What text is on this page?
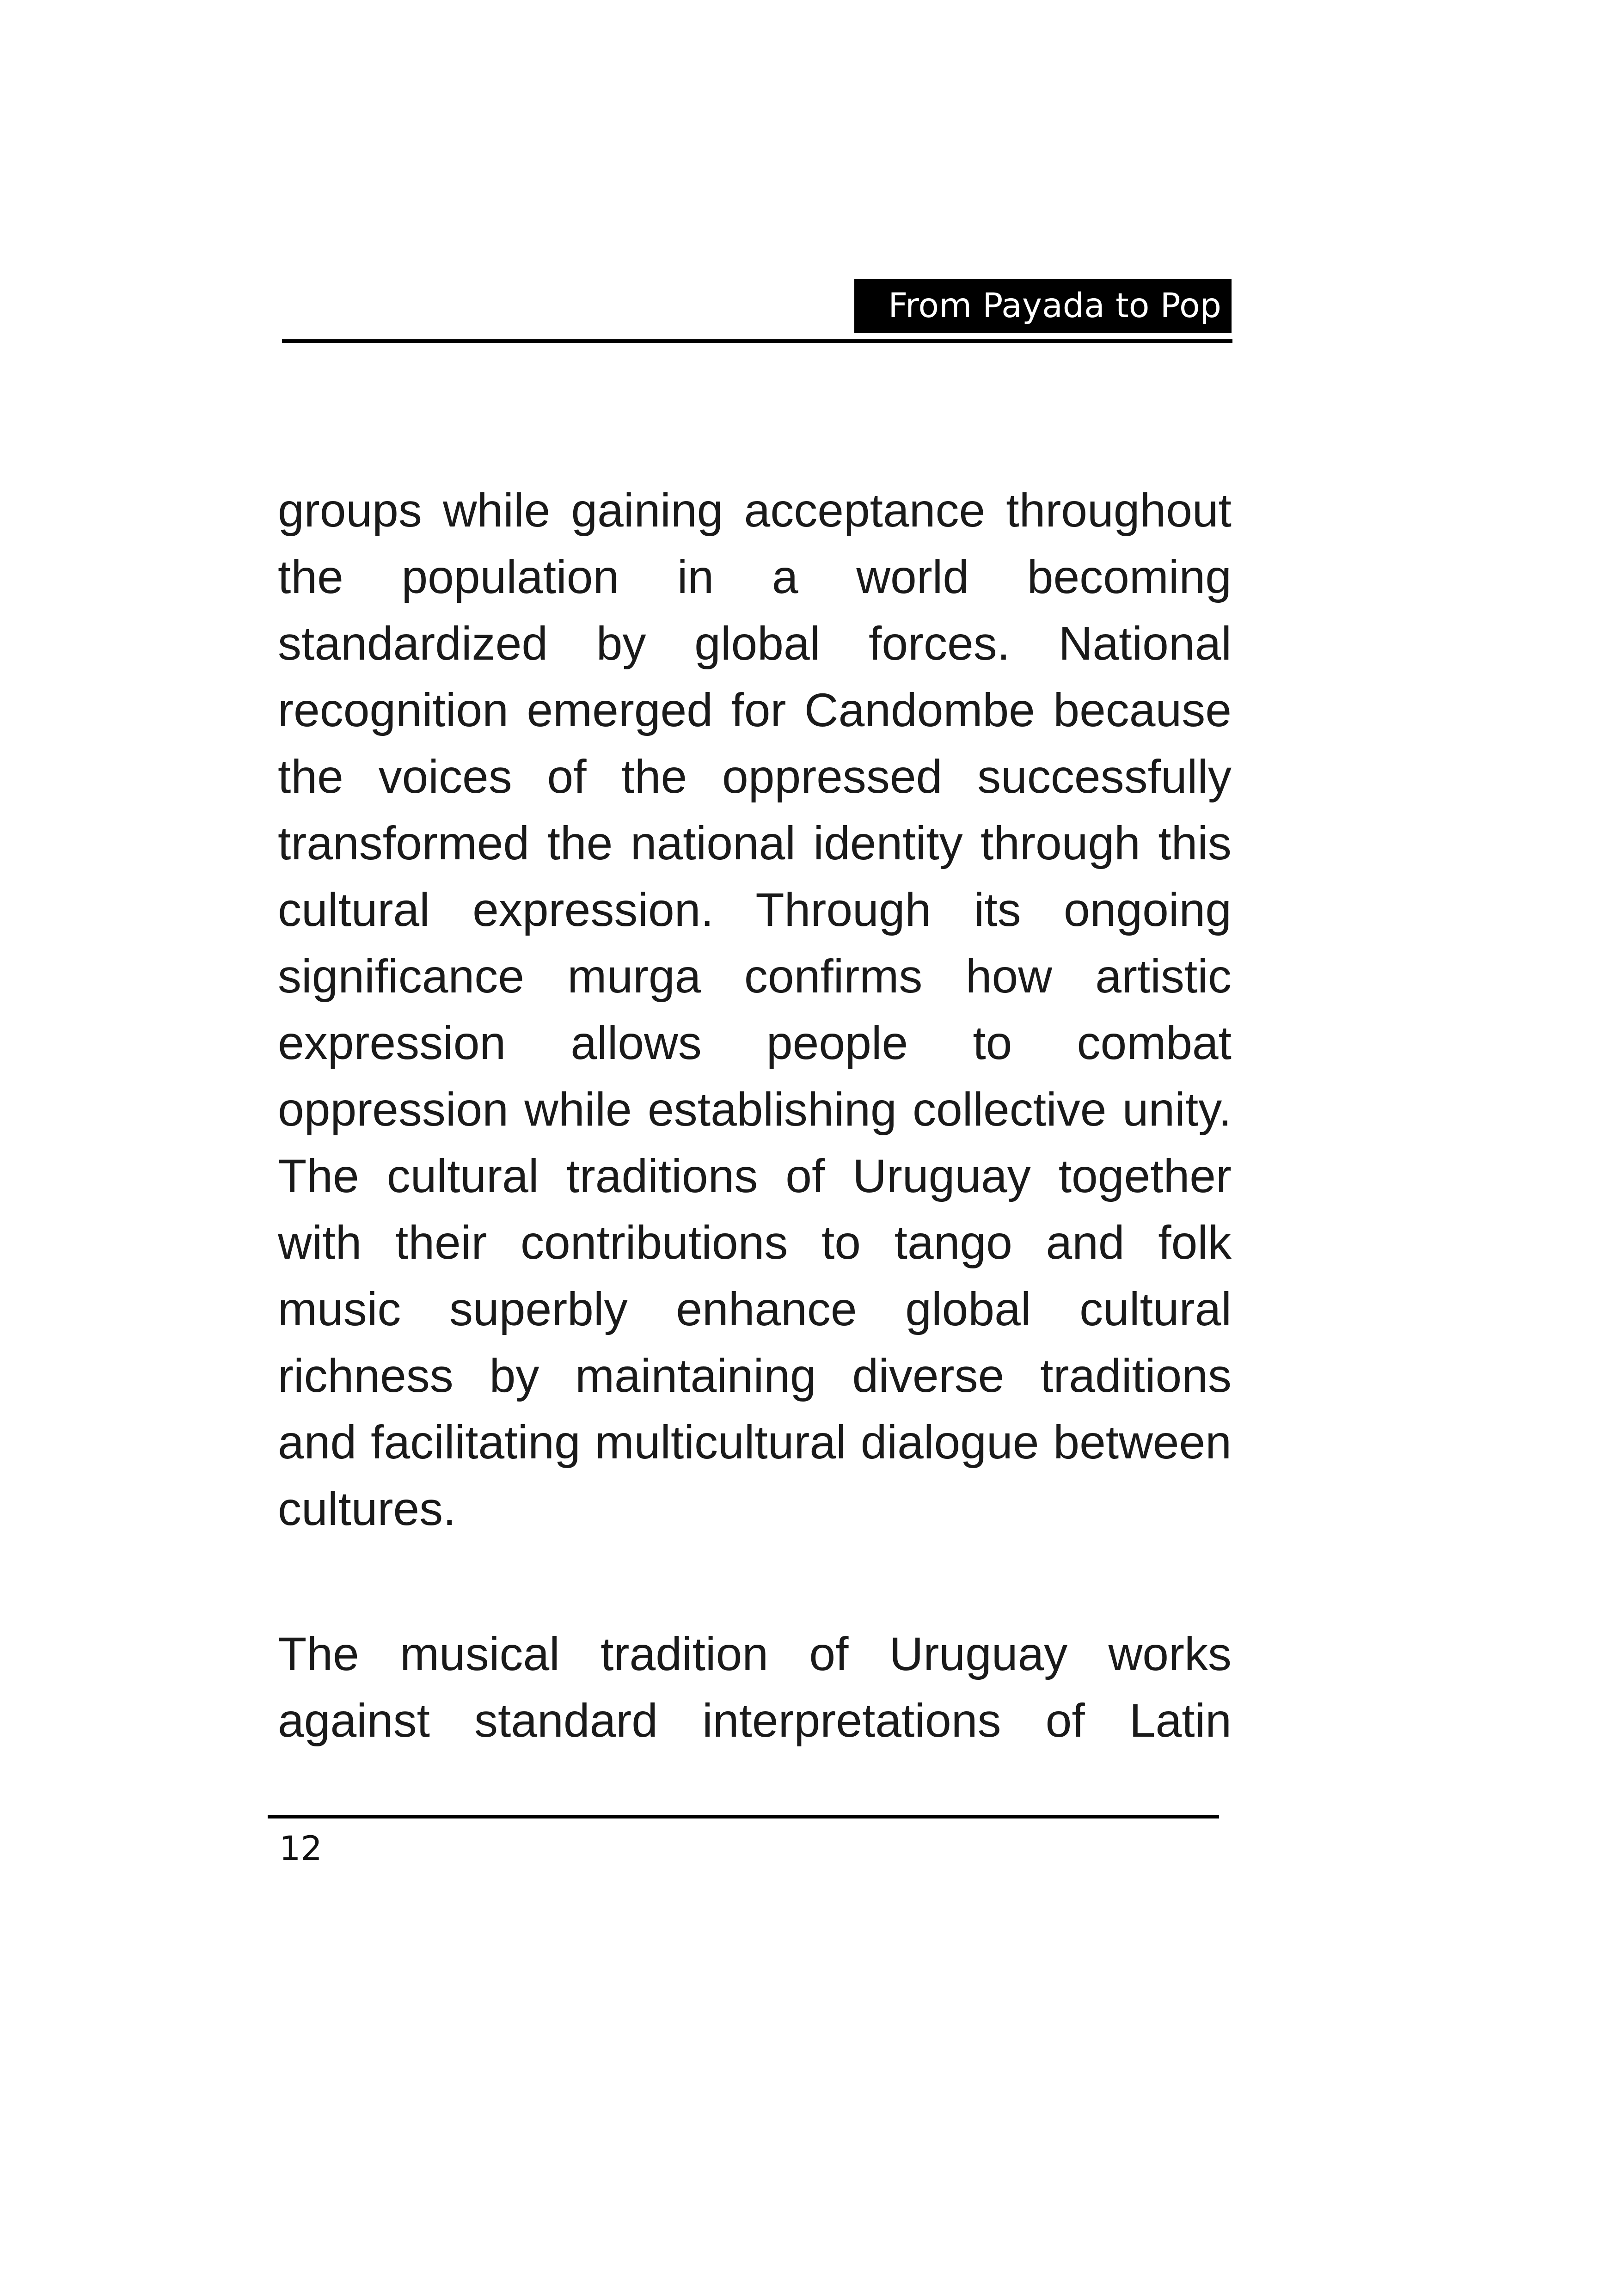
From Payada to Pop

groups while gaining acceptance throughout the population in a world becoming standardized by global forces. National recognition emerged for Candombe because the voices of the oppressed successfully transformed the national identity through this cultural expression. Through its ongoing significance murga confirms how artistic expression allows people to combat oppression while establishing collective unity. The cultural traditions of Uruguay together with their contributions to tango and folk music superbly enhance global cultural richness by maintaining diverse traditions and facilitating multicultural dialogue between cultures.

The musical tradition of Uruguay works against standard interpretations of Latin

12
